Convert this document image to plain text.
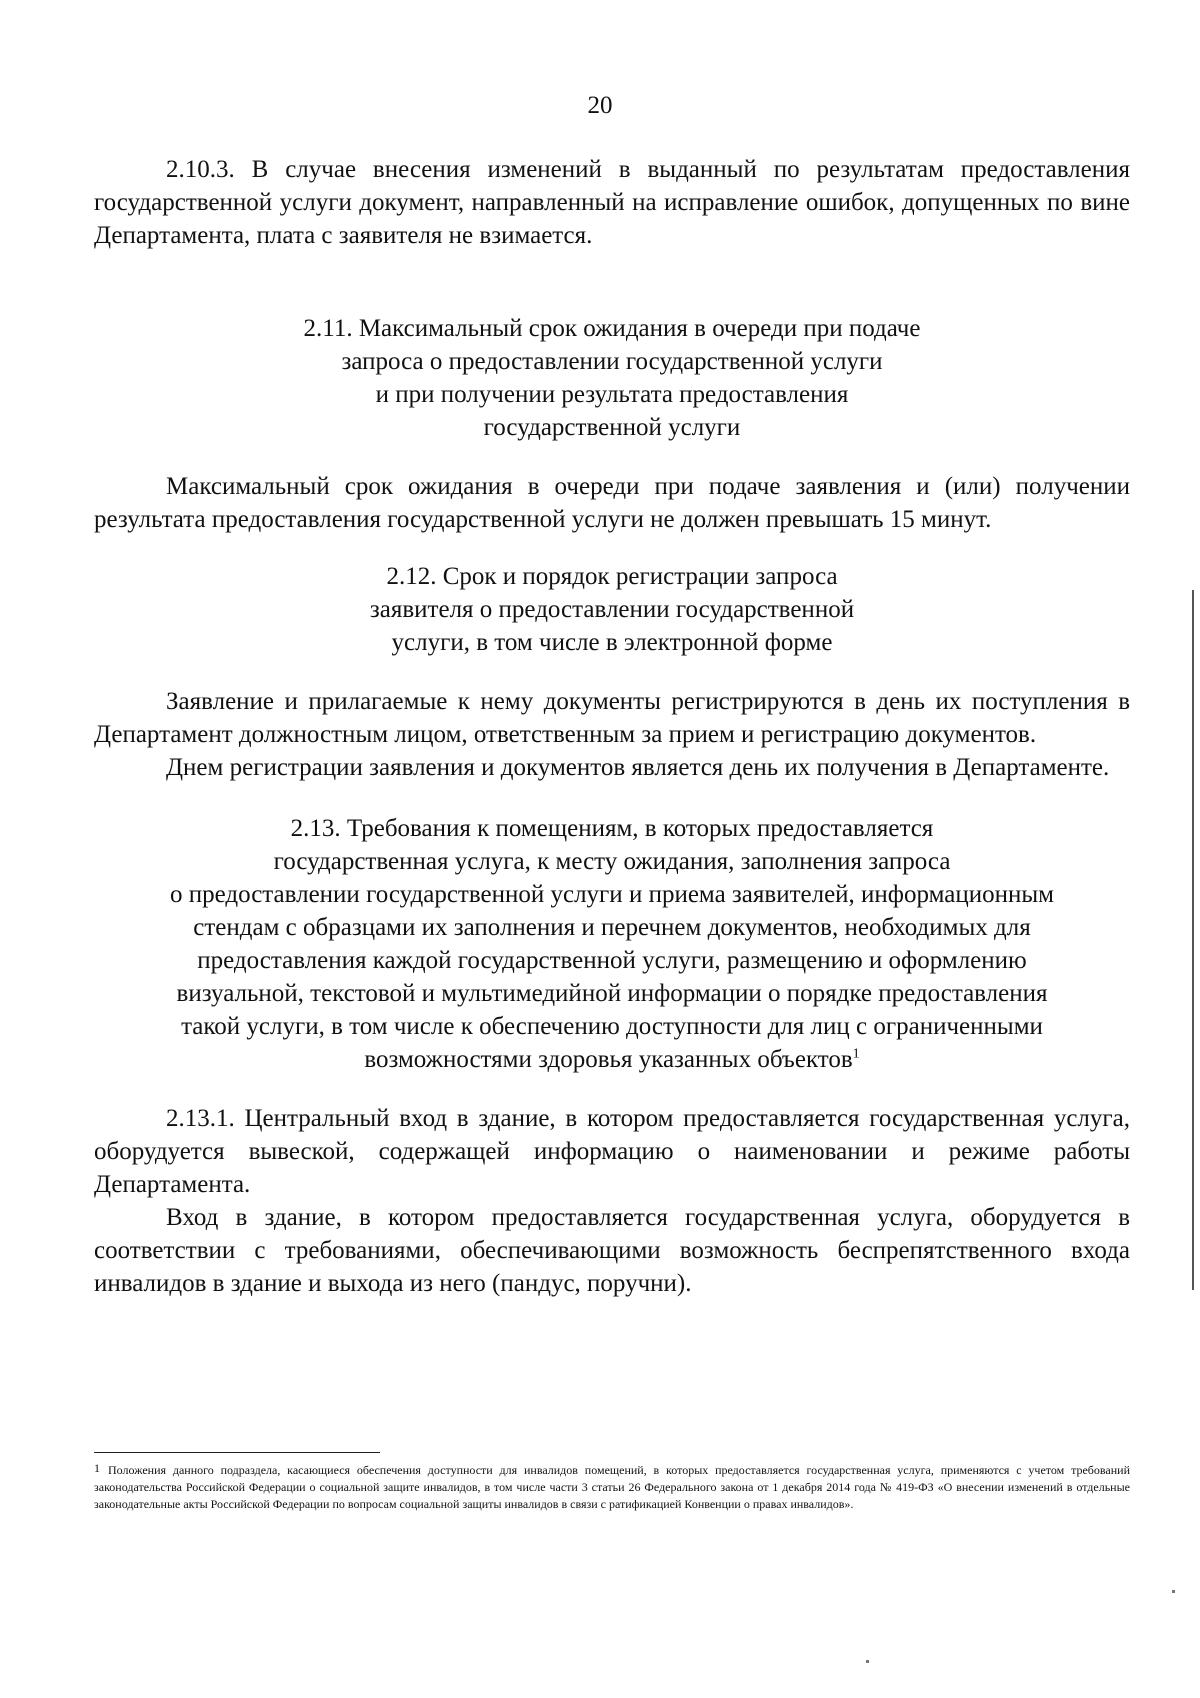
20

2.10.3. В случае внесения изменений в выданный по результатам предоставления государственной услуги документ, направленный на исправление ошибок, допущенных по вине Департамента, плата с заявителя не взимается.

2.11. Максимальный срок ожидания в очереди при подаче
запроса о предоставлении государственной услуги
и при получении результата предоставления
государственной услуги

Максимальный срок ожидания в очереди при подаче заявления и (или) получении результата предоставления государственной услуги не должен превышать 15 минут.

2.12. Срок и порядок регистрации запроса
заявителя о предоставлении государственной
услуги, в том числе в электронной форме

Заявление и прилагаемые к нему документы регистрируются в день их поступления в Департамент должностным лицом, ответственным за прием и регистрацию документов.

Днем регистрации заявления и документов является день их получения в Департаменте.

2.13. Требования к помещениям, в которых предоставляется
государственная услуга, к месту ожидания, заполнения запроса
о предоставлении государственной услуги и приема заявителей, информационным
стендам с образцами их заполнения и перечнем документов, необходимых для
предоставления каждой государственной услуги, размещению и оформлению
визуальной, текстовой и мультимедийной информации о порядке предоставления
такой услуги, в том числе к обеспечению доступности для лиц с ограниченными
возможностями здоровья указанных объектов$^1$

2.13.1. Центральный вход в здание, в котором предоставляется государственная услуга, оборудуется вывеской, содержащей информацию о наименовании и режиме работы Департамента.

Вход в здание, в котором предоставляется государственная услуга, оборудуется в соответствии с требованиями, обеспечивающими возможность беспрепятственного входа инвалидов в здание и выхода из него (пандус, поручни).

1 Положения данного подраздела, касающиеся обеспечения доступности для инвалидов помещений, в которых предоставляется государственная услуга, применяются с учетом требований законодательства Российской Федерации о социальной защите инвалидов, в том числе части 3 статьи 26 Федерального закона от 1 декабря 2014 года № 419-ФЗ «О внесении изменений в отдельные законодательные акты Российской Федерации по вопросам социальной защиты инвалидов в связи с ратификацией Конвенции о правах инвалидов».
